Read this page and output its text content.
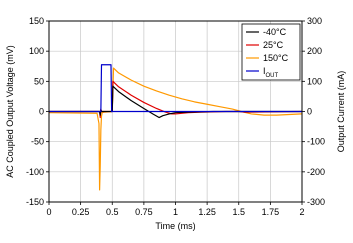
0 0.25 0.5 0.75 1 1.25 1.5 1.75 2
150
100
50
0
-50
-100
-150
300
200
100
0
-100
-200
-300
Time (ms)
AC Coupled Output Voltage (mV)	Output Current (mA)
-40°C
25°C
150°C
$I_{OUT}$
